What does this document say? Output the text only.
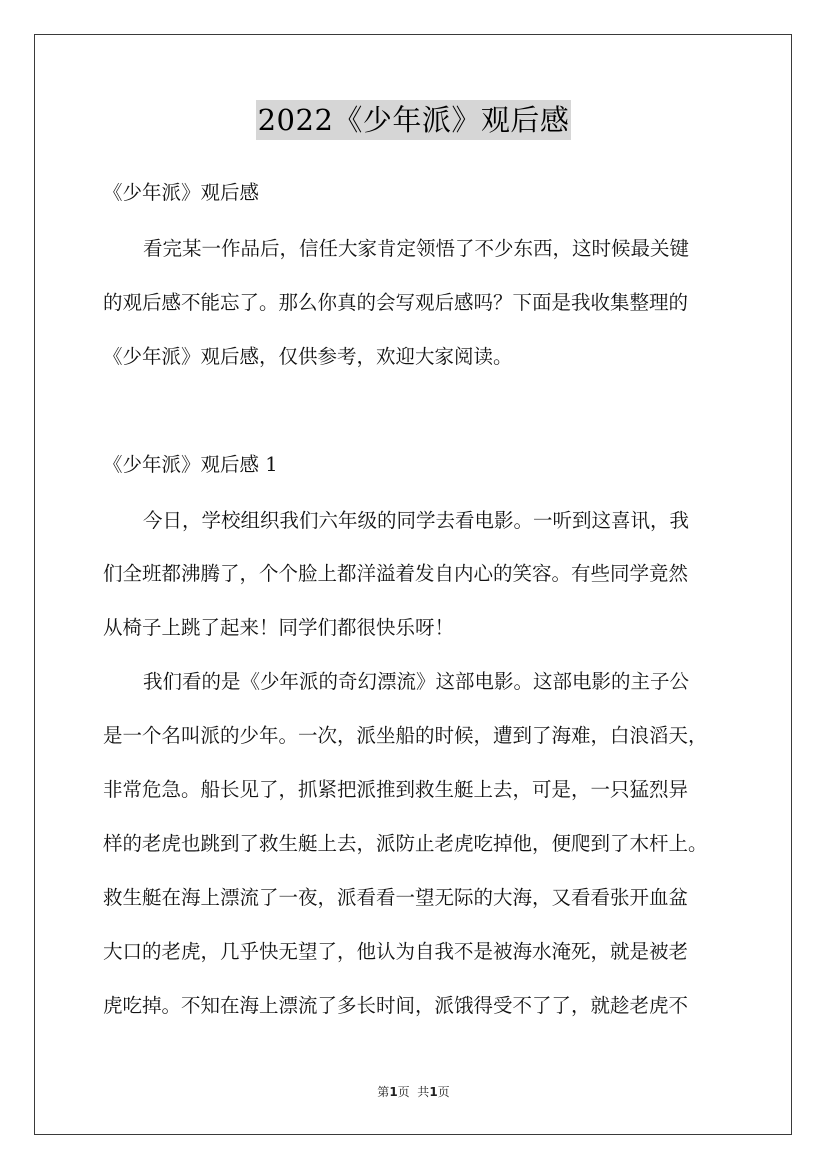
2022《少年派》观后感
《少年派》观后感
看完某一作品后，信任大家肯定领悟了不少东西，这时候最关键
的观后感不能忘了。那么你真的会写观后感吗？下面是我收集整理的
《少年派》观后感，仅供参考，欢迎大家阅读。
《少年派》观后感 1
今日，学校组织我们六年级的同学去看电影。一听到这喜讯，我
们全班都沸腾了，个个脸上都洋溢着发自内心的笑容。有些同学竟然
从椅子上跳了起来！同学们都很快乐呀！
我们看的是《少年派的奇幻漂流》这部电影。这部电影的主子公
是一个名叫派的少年。一次，派坐船的时候，遭到了海难，白浪滔天，
非常危急。船长见了，抓紧把派推到救生艇上去，可是，一只猛烈异
样的老虎也跳到了救生艇上去，派防止老虎吃掉他，便爬到了木杆上。
救生艇在海上漂流了一夜，派看看一望无际的大海，又看看张开血盆
大口的老虎，几乎快无望了，他认为自我不是被海水淹死，就是被老
虎吃掉。不知在海上漂流了多长时间，派饿得受不了了，就趁老虎不
第1页  共1页
